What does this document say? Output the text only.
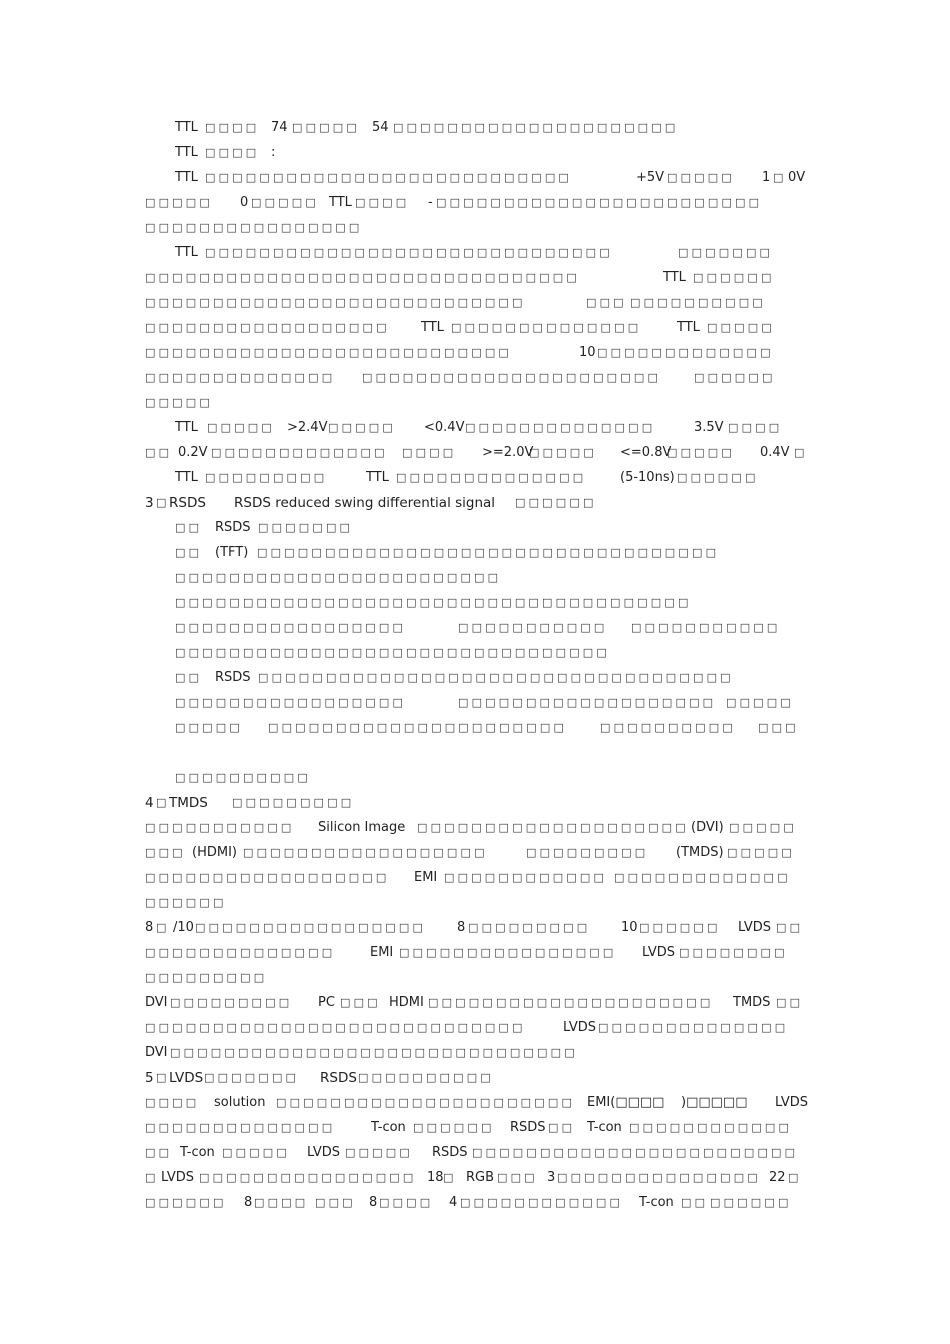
TTL □□□□ 74 □□□□□ 54 □□□□□□□□□□□□□□□□□□□□□
TTL □□□□ :
TTL □□□□□□□□□□□□□□□□□□□□□□□□□□□	+5V □□□□□ 1 □ 0V
□□□□□ 0 □□□□□ TTL □□□□ - □□□□□□□□□□□□□□□□□□□□□□□□
□□□□□□□□□□□□□□□□
TTL □□□□□□□□□□□□□□□□□□□□□□□□□□□□□□	□□□□□□□
□□□□□□□□□□□□□□□□□□□□□□□□□□□□□□□□	TTL □□□□□□
□□□□□□□□□□□□□□□□□□□□□□□□□□□□	□□□ □□□□□□□□□□
□□□□□□□□□□□□□□□□□□ TTL □□□□□□□□□□□□□□	TTL □□□□□
□□□□□□□□□□□□□□□□□□□□□□□□□□□	10 □□□□□□□□□□□□□
□□□□□□□□□□□□□□ □□□□□□□□□□□□□□□□□□□□□□	□□□□□□
□□□□□
TTL □□□□□ >2.4V □□□□□ <0.4V □□□□□□□□□□□□□□	3.5V □□□□
□□ 0.2V □□□□□□□□□□□□□ □□□□ >=2.0V
□□□□□ <=0.8V
□□□□□ 0.4V □
TTL □□□□□□□□□	TTL □□□□□□□□□□□□□□	(5-10ns) □□□□□□
3 □ RSDS RSDS reduced swing differential signal □□□□□□
□□ RSDS □□□□□□□
□□ (TFT) □□□□□□□□□□□□□□□□□□□□□□□□□□□□□□□□□□
□□□□□□□□□□□□□□□□□□□□□□□□
□□□□□□□□□□□□□□□□□□□□□□□□□□□□□□□□□□□□□□
□□□□□□□□□□□□□□□□□	□□□□□□□□□□□ □□□□□□□□□□□
□□□□□□□□□□□□□□□□□□□□□□□□□□□□□□□□
□□ RSDS □□□□□□□□□□□□□□□□□□□□□□□□□□□□□□□□□□□
□□□□□□□□□□□□□□□□□	□□□□□□□□□□□□□□□□□□□ □□□□□
□□□□□ □□□□□□□□□□□□□□□□□□□□□□	□□□□□□□□□□ □□□
□□□□□□□□□□
4 □ TMDS □□□□□□□□□
□□□□□□□□□□□ Silicon Image □□□□□□□□□□□□□□□□□□□□ (DVI) □□□□□
□□□ (HDMI) □□□□□□□□□□□□□□□□□□	□□□□□□□□□ (TMDS) □□□□□
□□ □□□□□□□□□□□□□□□□ EMI □□□□□□□□□□□□ □□□□□□□□□□□□□
□□□□□□
8 □ /10 □□□□□□□□□□□□□□□□□ 8 □□□□□□□□□ 10 □□□□□□ LVDS □□
□□□□□□□□□□□□□□	EMI □□□□□□□□□□□□□□□□ LVDS □□□□□□□□
□□□□□□□□□
DVI □□□□□□□□□ PC □□□ HDMI □□□□□□□□□□□□□□□□□□□□□ TMDS □□
□□□□□□□□□□□□□□□□□□□□□□□□□□□□	LVDS □□□□□□□□□□□□□□
DVI □□□□□□□□□□□□□□□□□□□□□□□□□□□□□□
5 □ LVDS □□□□□□□ RSDS □□□□□□□□□□
□□□□ solution □□□□□□□□□□□□□□□□□□□□□□ EMI(□□□□ )□□□□□ LVDS
□□□□□□□□□□□□□□	T-con □□□□□□ RSDS □□ T-con □□□□□□□□□□□□
□□ T-con □□□□□ LVDS □□□□□ RSDS □□□□□□□□□□□□□□□□□□□□□□□□
□ LVDS □□□□□□□□□□□□□□□□ 18 □ RGB □□□ 3 □□□□□□□□□□□□□□□ 22 □
□□□□□□ 8 □□□□ □□□ 8 □□□□ 4 □□□□□□□□□□□□ T-con □□ □□□□□□
